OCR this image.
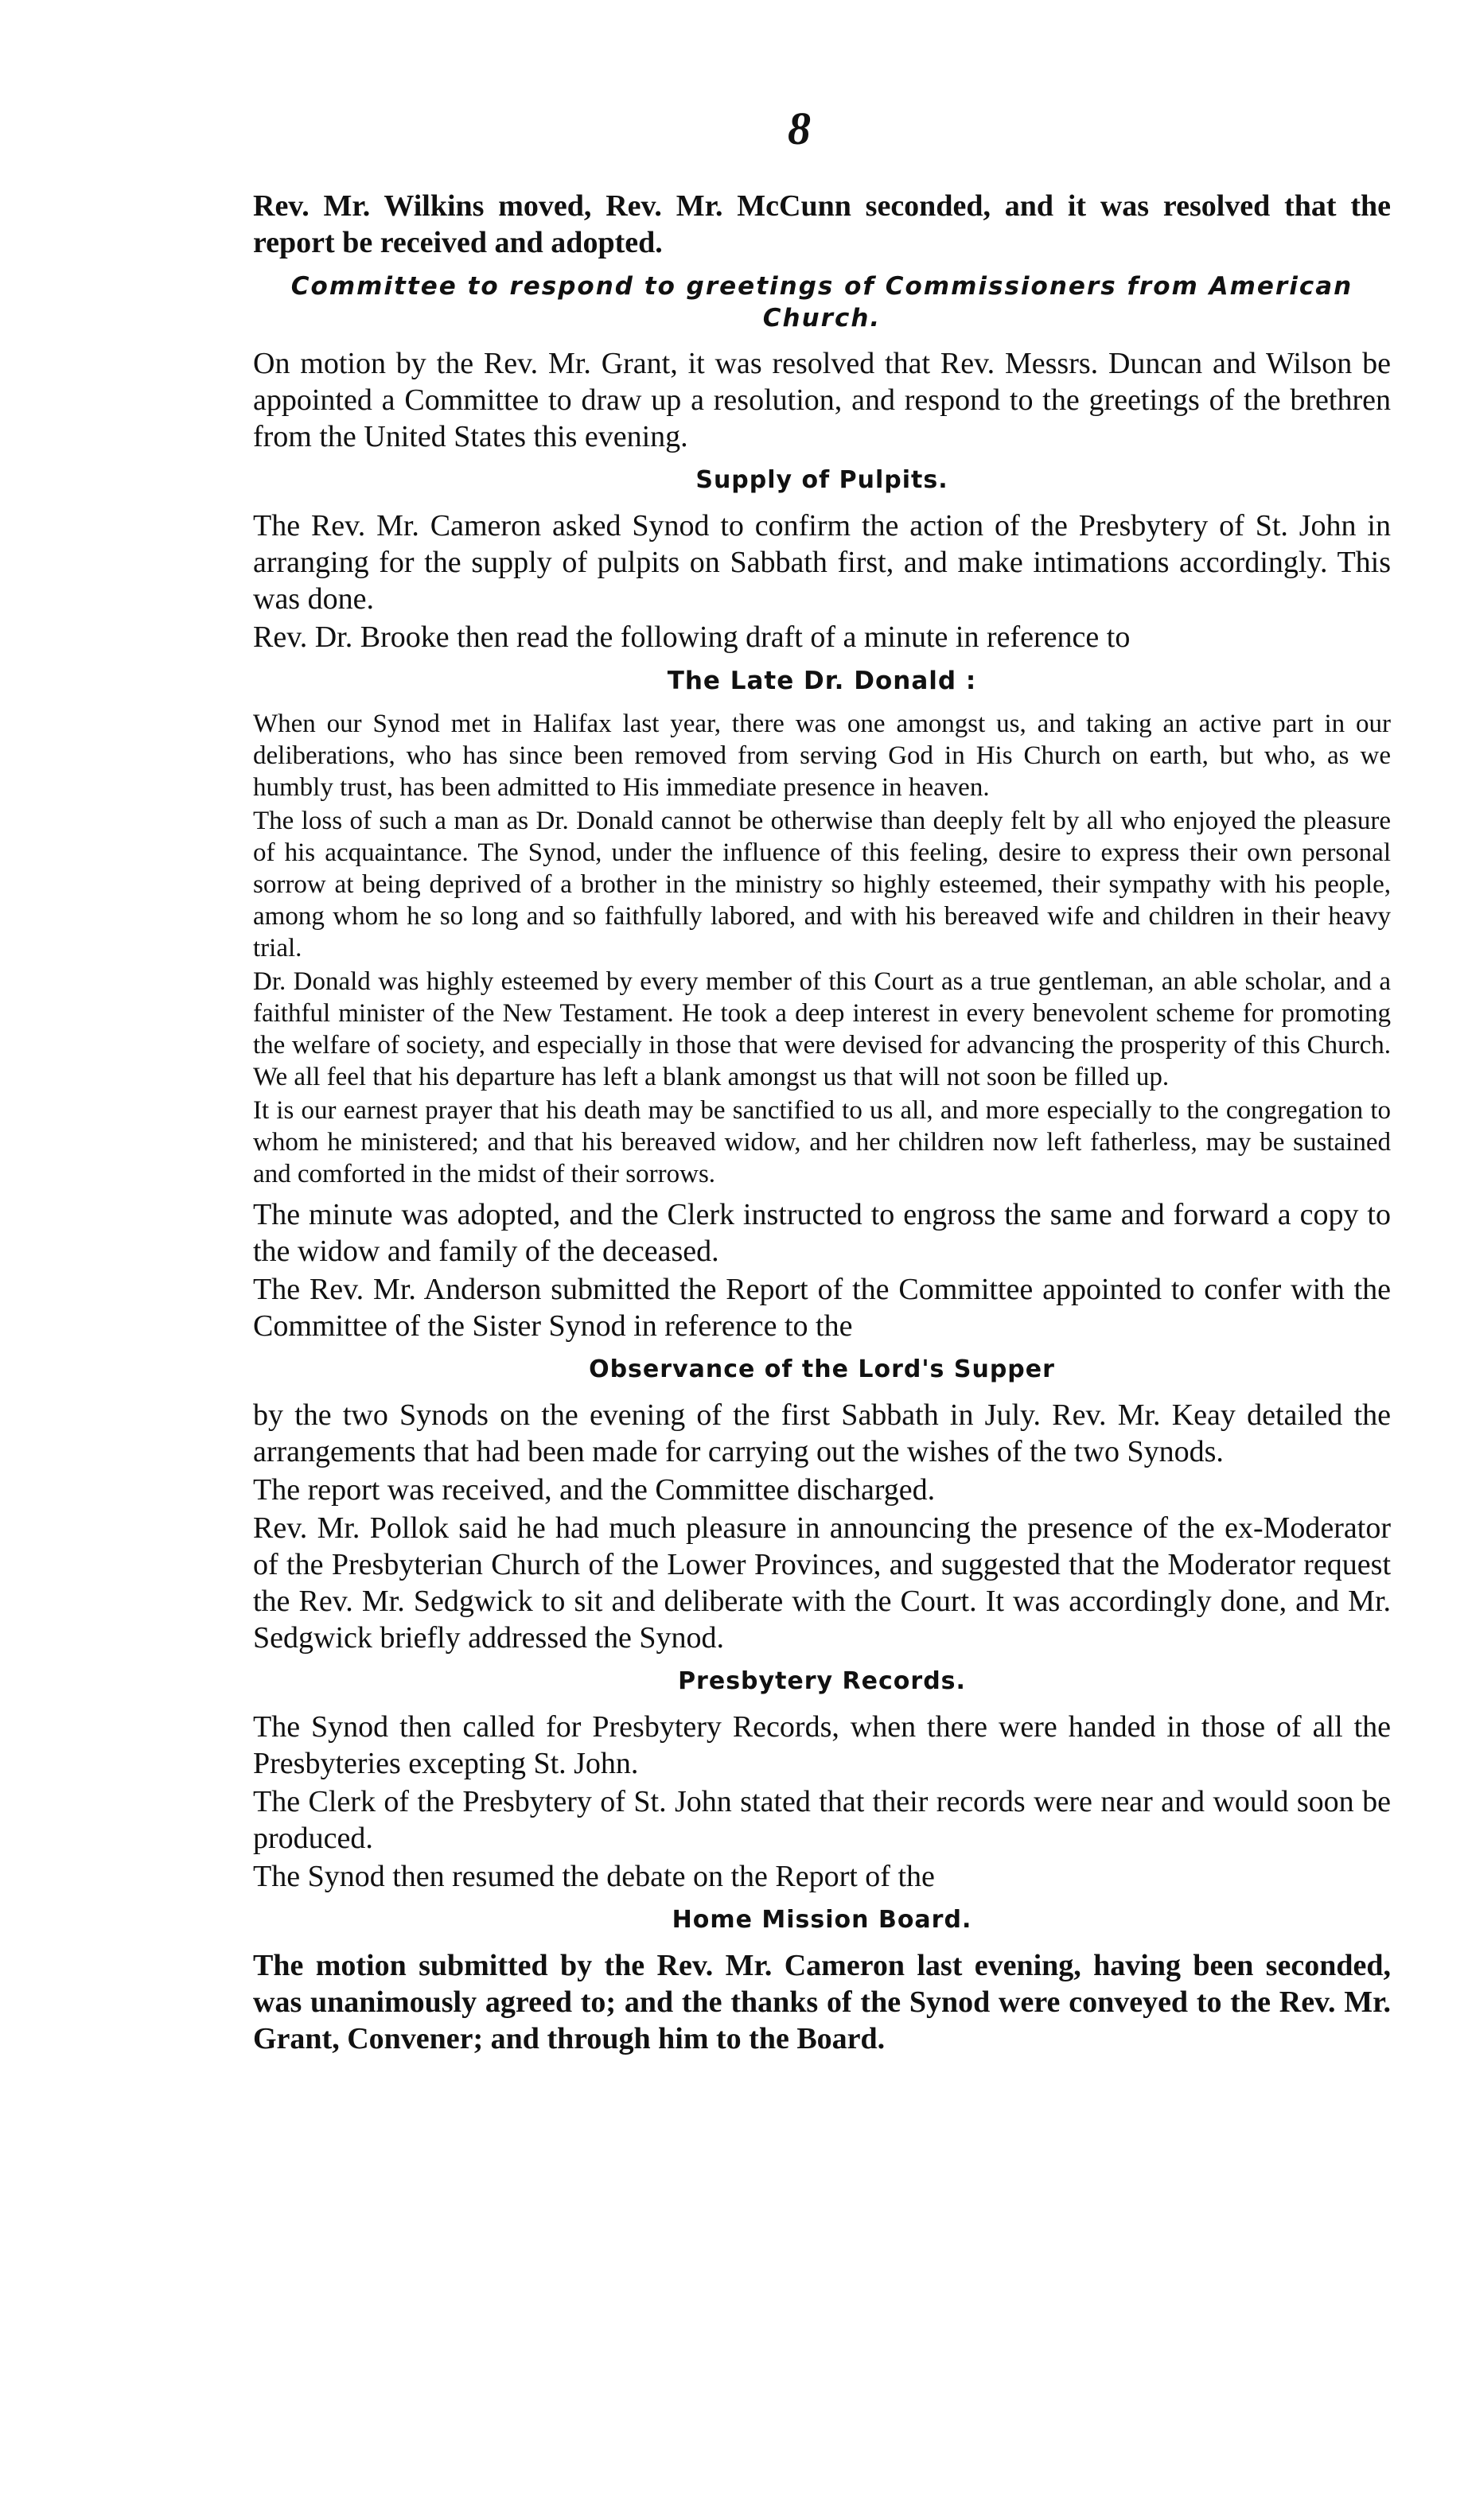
8

Rev. Mr. Wilkins moved, Rev. Mr. McCunn seconded, and it was resolved that the report be received and adopted.

Committee to respond to greetings of Commissioners from American Church.

On motion by the Rev. Mr. Grant, it was resolved that Rev. Messrs. Duncan and Wilson be appointed a Committee to draw up a resolution, and respond to the greetings of the brethren from the United States this evening.

Supply of Pulpits.

The Rev. Mr. Cameron asked Synod to confirm the action of the Presbytery of St. John in arranging for the supply of pulpits on Sabbath first, and make intimations accordingly. This was done.

Rev. Dr. Brooke then read the following draft of a minute in reference to

The Late Dr. Donald :

When our Synod met in Halifax last year, there was one amongst us, and taking an active part in our deliberations, who has since been removed from serving God in His Church on earth, but who, as we humbly trust, has been admitted to His immediate presence in heaven.

The loss of such a man as Dr. Donald cannot be otherwise than deeply felt by all who enjoyed the pleasure of his acquaintance. The Synod, under the influence of this feeling, desire to express their own personal sorrow at being deprived of a brother in the ministry so highly esteemed, their sympathy with his people, among whom he so long and so faithfully labored, and with his bereaved wife and children in their heavy trial.

Dr. Donald was highly esteemed by every member of this Court as a true gentleman, an able scholar, and a faithful minister of the New Testament. He took a deep interest in every benevolent scheme for promoting the welfare of society, and especially in those that were devised for advancing the prosperity of this Church. We all feel that his departure has left a blank amongst us that will not soon be filled up.

It is our earnest prayer that his death may be sanctified to us all, and more especially to the congregation to whom he ministered; and that his bereaved widow, and her children now left fatherless, may be sustained and comforted in the midst of their sorrows.

The minute was adopted, and the Clerk instructed to engross the same and forward a copy to the widow and family of the deceased.

The Rev. Mr. Anderson submitted the Report of the Committee appointed to confer with the Committee of the Sister Synod in reference to the

Observance of the Lord's Supper

by the two Synods on the evening of the first Sabbath in July. Rev. Mr. Keay detailed the arrangements that had been made for carrying out the wishes of the two Synods.

The report was received, and the Committee discharged.

Rev. Mr. Pollok said he had much pleasure in announcing the presence of the ex-Moderator of the Presbyterian Church of the Lower Provinces, and suggested that the Moderator request the Rev. Mr. Sedgwick to sit and deliberate with the Court. It was accordingly done, and Mr. Sedgwick briefly addressed the Synod.

Presbytery Records.

The Synod then called for Presbytery Records, when there were handed in those of all the Presbyteries excepting St. John.

The Clerk of the Presbytery of St. John stated that their records were near and would soon be produced.

The Synod then resumed the debate on the Report of the

Home Mission Board.

The motion submitted by the Rev. Mr. Cameron last evening, having been seconded, was unanimously agreed to; and the thanks of the Synod were conveyed to the Rev. Mr. Grant, Convener; and through him to the Board.
